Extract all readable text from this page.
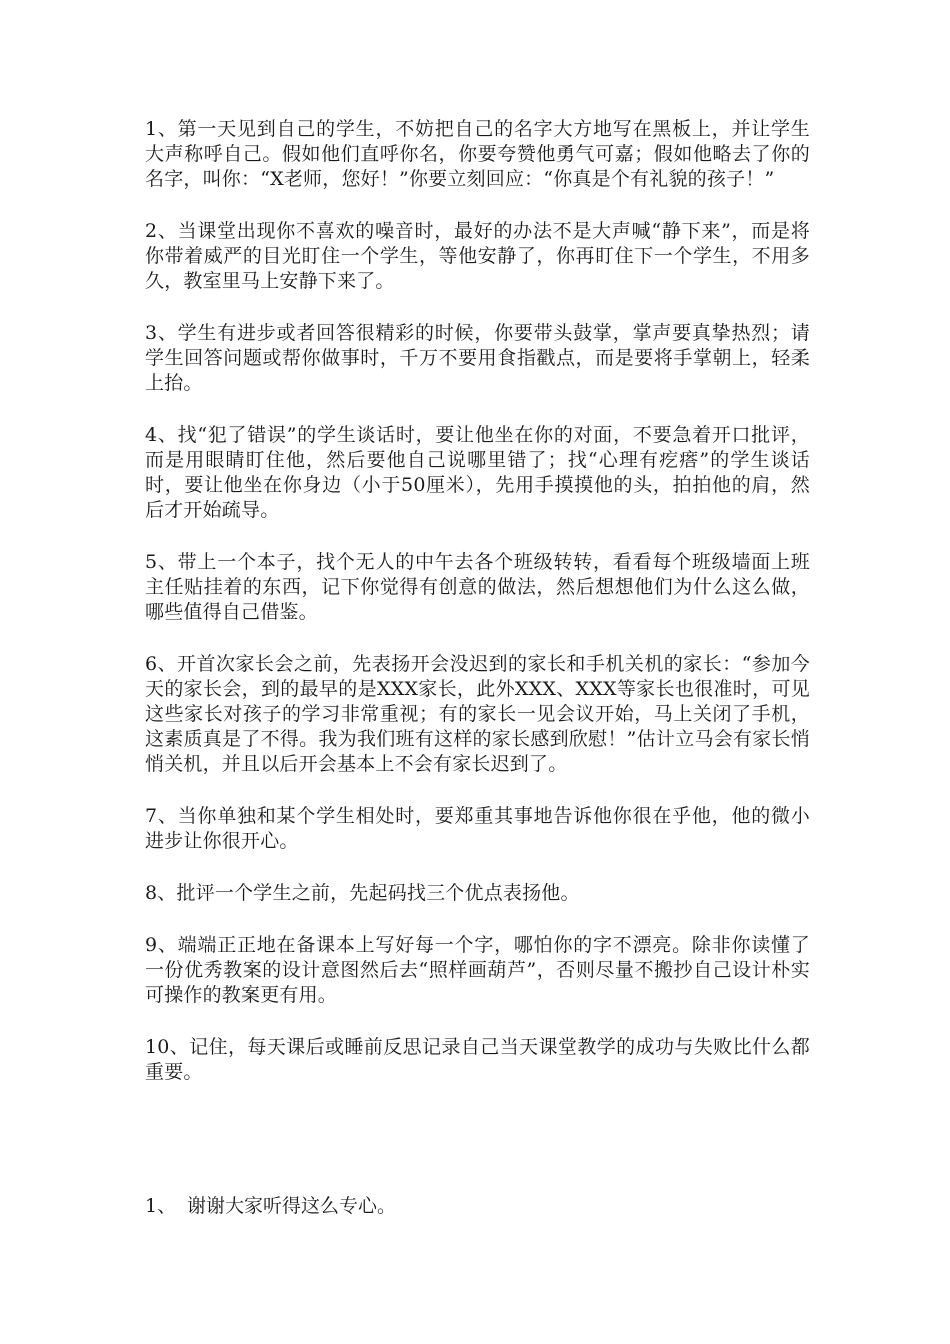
1、第一天见到自己的学生，不妨把自己的名字大方地写在黑板上，并让学生大声称呼自己。假如他们直呼你名，你要夸赞他勇气可嘉；假如他略去了你的名字，叫你：“X老师，您好！”你要立刻回应：“你真是个有礼貌的孩子！”

2、当课堂出现你不喜欢的噪音时，最好的办法不是大声喊“静下来”，而是将你带着威严的目光盯住一个学生，等他安静了，你再盯住下一个学生，不用多久，教室里马上安静下来了。

3、学生有进步或者回答很精彩的时候，你要带头鼓掌，掌声要真挚热烈；请学生回答问题或帮你做事时，千万不要用食指戳点，而是要将手掌朝上，轻柔上抬。

4、找“犯了错误”的学生谈话时，要让他坐在你的对面，不要急着开口批评，而是用眼睛盯住他，然后要他自己说哪里错了；找“心理有疙瘩”的学生谈话时，要让他坐在你身边（小于50厘米），先用手摸摸他的头，拍拍他的肩，然后才开始疏导。

5、带上一个本子，找个无人的中午去各个班级转转，看看每个班级墙面上班主任贴挂着的东西，记下你觉得有创意的做法，然后想想他们为什么这么做，哪些值得自己借鉴。

6、开首次家长会之前，先表扬开会没迟到的家长和手机关机的家长：“参加今天的家长会，到的最早的是XXX家长，此外XXX、XXX等家长也很准时，可见这些家长对孩子的学习非常重视；有的家长一见会议开始，马上关闭了手机，这素质真是了不得。我为我们班有这样的家长感到欣慰！”估计立马会有家长悄悄关机，并且以后开会基本上不会有家长迟到了。

7、当你单独和某个学生相处时，要郑重其事地告诉他你很在乎他，他的微小进步让你很开心。

8、批评一个学生之前，先起码找三个优点表扬他。

9、端端正正地在备课本上写好每一个字，哪怕你的字不漂亮。除非你读懂了一份优秀教案的设计意图然后去“照样画葫芦”，否则尽量不搬抄自己设计朴实可操作的教案更有用。

10、记住，每天课后或睡前反思记录自己当天课堂教学的成功与失败比什么都重要。

1、 谢谢大家听得这么专心。
